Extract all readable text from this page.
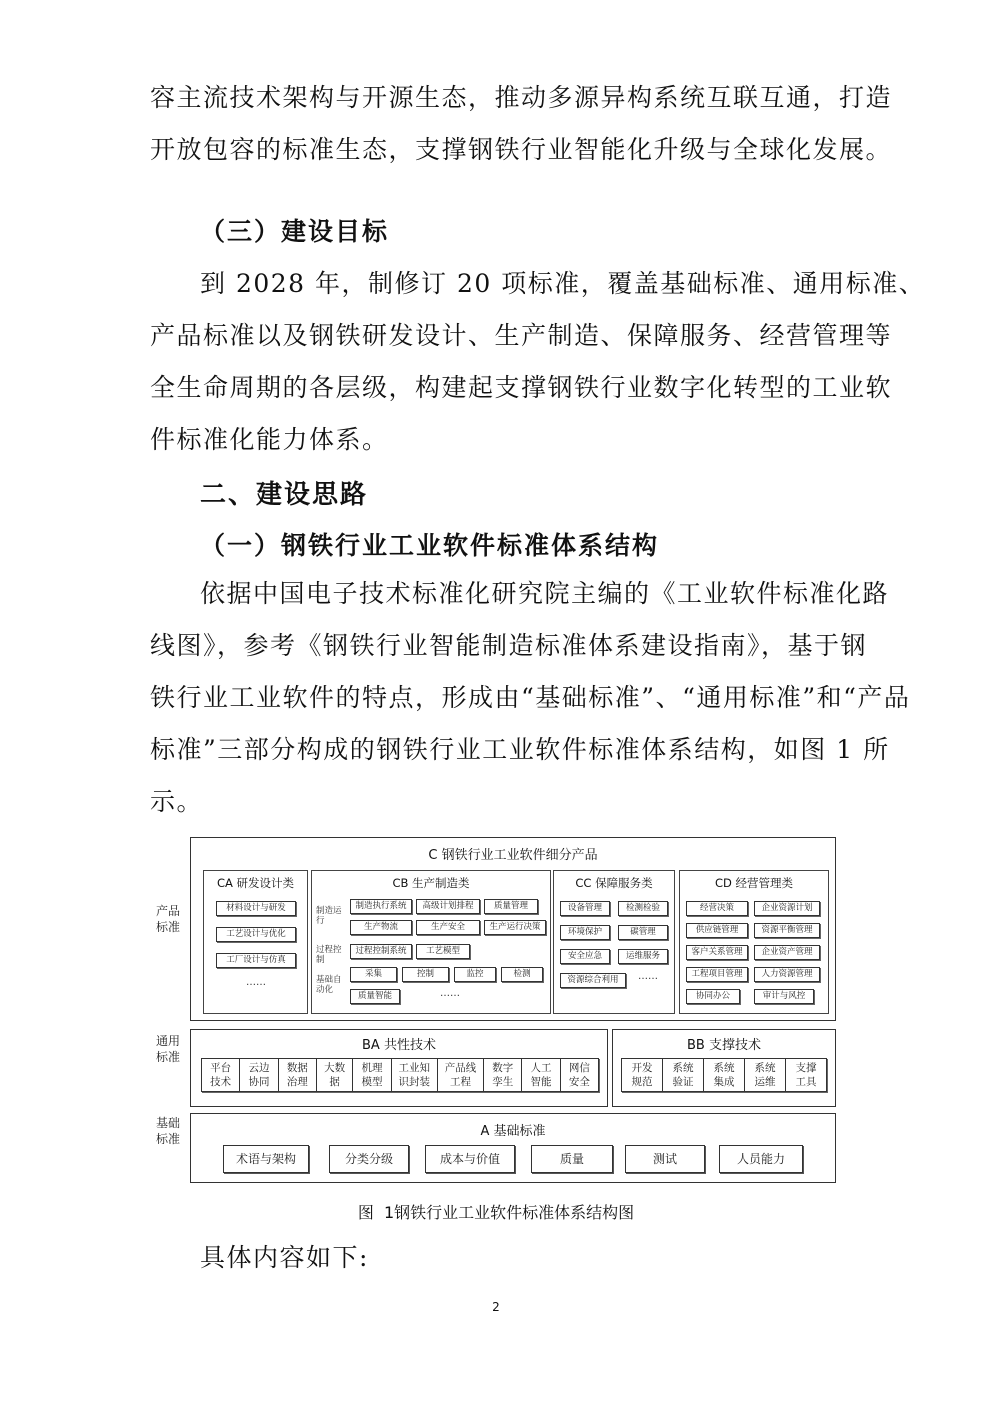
容主流技术架构与开源生态，推动多源异构系统互联互通，打造
开放包容的标准生态，支撑钢铁行业智能化升级与全球化发展。
（三）建设目标
到 2028 年，制修订 20 项标准，覆盖基础标准、通用标准、
产品标准以及钢铁研发设计、生产制造、保障服务、经营管理等
全生命周期的各层级，构建起支撑钢铁行业数字化转型的工业软
件标准化能力体系。
二、建设思路
（一）钢铁行业工业软件标准体系结构
依据中国电子技术标准化研究院主编的《工业软件标准化路
线图》，参考《钢铁行业智能制造标准体系建设指南》，基于钢
铁行业工业软件的特点，形成由“基础标准”、“通用标准”和“产品
标准”三部分构成的钢铁行业工业软件标准体系结构，如图 1 所
示。
产品标准
通用标准
基础标准
C 钢铁行业工业软件细分产品
CA 研发设计类
材料设计与研发
工艺设计与优化
工厂设计与仿真
……
CB 生产制造类
制造运行
制造执行系统	高级计划排程	质量管理
生产物流	生产安全	生产运行决策
过程控制
过程控制系统	工艺模型
基础自动化
采集	控制	监控	检测
质量智能	……
CC 保障服务类
设备管理	检测检验
环境保护	碳管理
安全应急	运维服务
资源综合利用	……
CD 经营管理类
经营决策	企业资源计划
供应链管理	资源平衡管理
客户关系管理	企业资产管理
工程项目管理	人力资源管理
协同办公	审计与风控
BA 共性技术
平台
技术
云边
协同
数据
治理
大数
据
机理
模型
工业知
识封装
产品线
工程
数字
孪生
人工
智能
网信
安全
BB 支撑技术
开发
规范
系统
验证
系统
集成
系统
运维
支撑
工具
A 基础标准
术语与架构	分类分级	成本与价值	质量	测试	人员能力
图  1钢铁行业工业软件标准体系结构图
具体内容如下:
2
